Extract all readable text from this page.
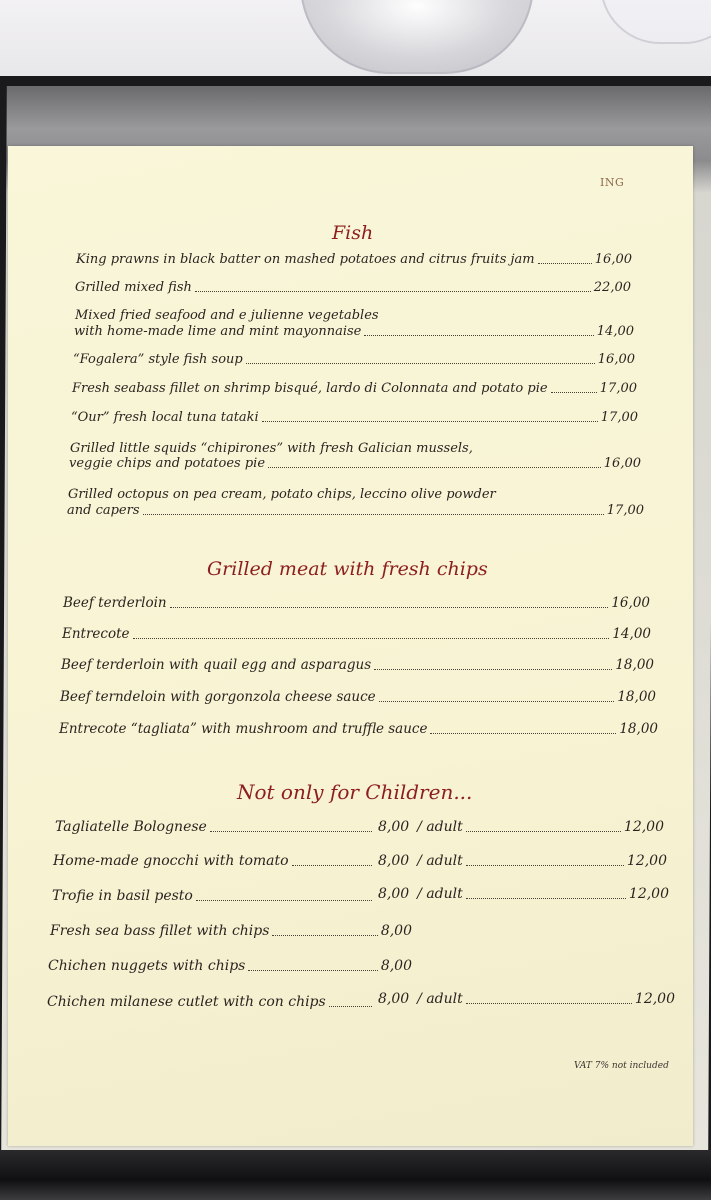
ING
Fish
King prawns in black batter on mashed potatoes and citrus fruits jam	16,00
Grilled mixed fish	22,00
Mixed fried seafood and e julienne vegetables
with home-made lime and mint mayonnaise	14,00
“Fogalera” style fish soup	16,00
Fresh seabass fillet on shrimp bisqué, lardo di Colonnata and potato pie	17,00
“Our” fresh local tuna tataki	17,00
Grilled little squids “chipirones” with fresh Galician mussels,
veggie chips and potatoes pie	16,00
Grilled octopus on pea cream, potato chips, leccino olive powder
and capers	17,00
Grilled meat with fresh chips
Beef terderloin	16,00
Entrecote	14,00
Beef terderloin with quail egg and asparagus	18,00
Beef terndeloin with gorgonzola cheese sauce	18,00
Entrecote “tagliata” with mushroom and truffle sauce	18,00
Not only for Children...
Tagliatelle Bolognese	8,00 / adult	12,00
Home-made gnocchi with tomato	8,00 / adult	12,00
Trofie in basil pesto	8,00 / adult	12,00
Fresh sea bass fillet with chips	8,00
Chichen nuggets with chips	8,00
Chichen milanese cutlet with con chips	8,00 / adult	12,00
VAT 7% not included
